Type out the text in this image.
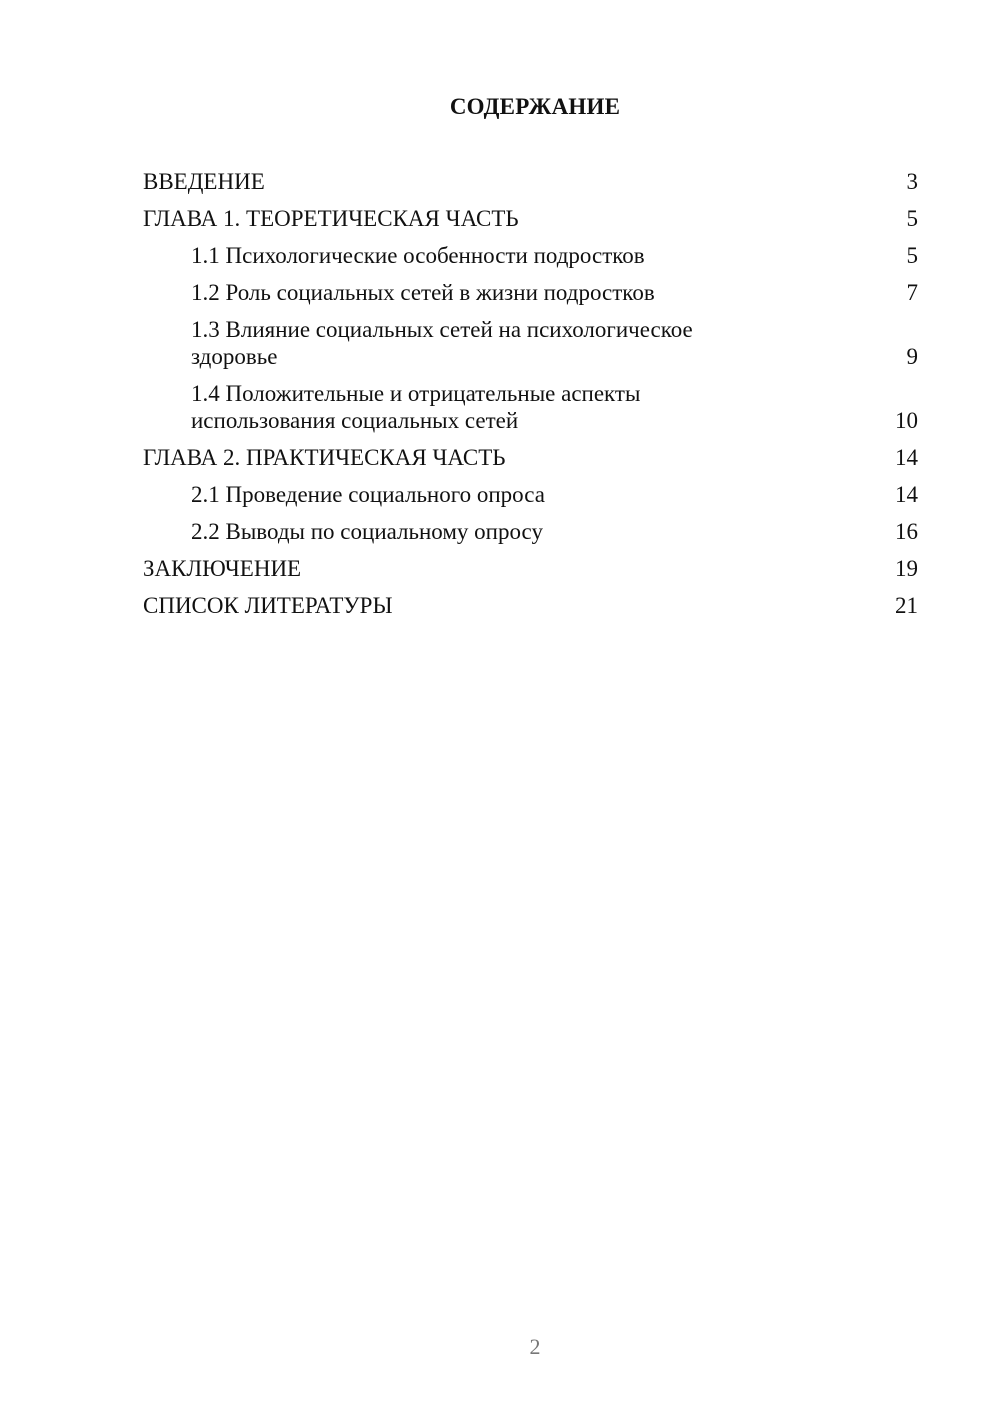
СОДЕРЖАНИЕ
ВВЕДЕНИЕ	3
ГЛАВА 1. ТЕОРЕТИЧЕСКАЯ ЧАСТЬ	5
1.1 Психологические особенности подростков	5
1.2 Роль социальных сетей в жизни подростков	7
1.3 Влияние социальных сетей на психологическое здоровье	9
1.4 Положительные и отрицательные аспекты использования социальных сетей	10
ГЛАВА 2. ПРАКТИЧЕСКАЯ ЧАСТЬ	14
2.1 Проведение социального опроса	14
2.2 Выводы по социальному опросу	16
ЗАКЛЮЧЕНИЕ	19
СПИСОК ЛИТЕРАТУРЫ	21
2
